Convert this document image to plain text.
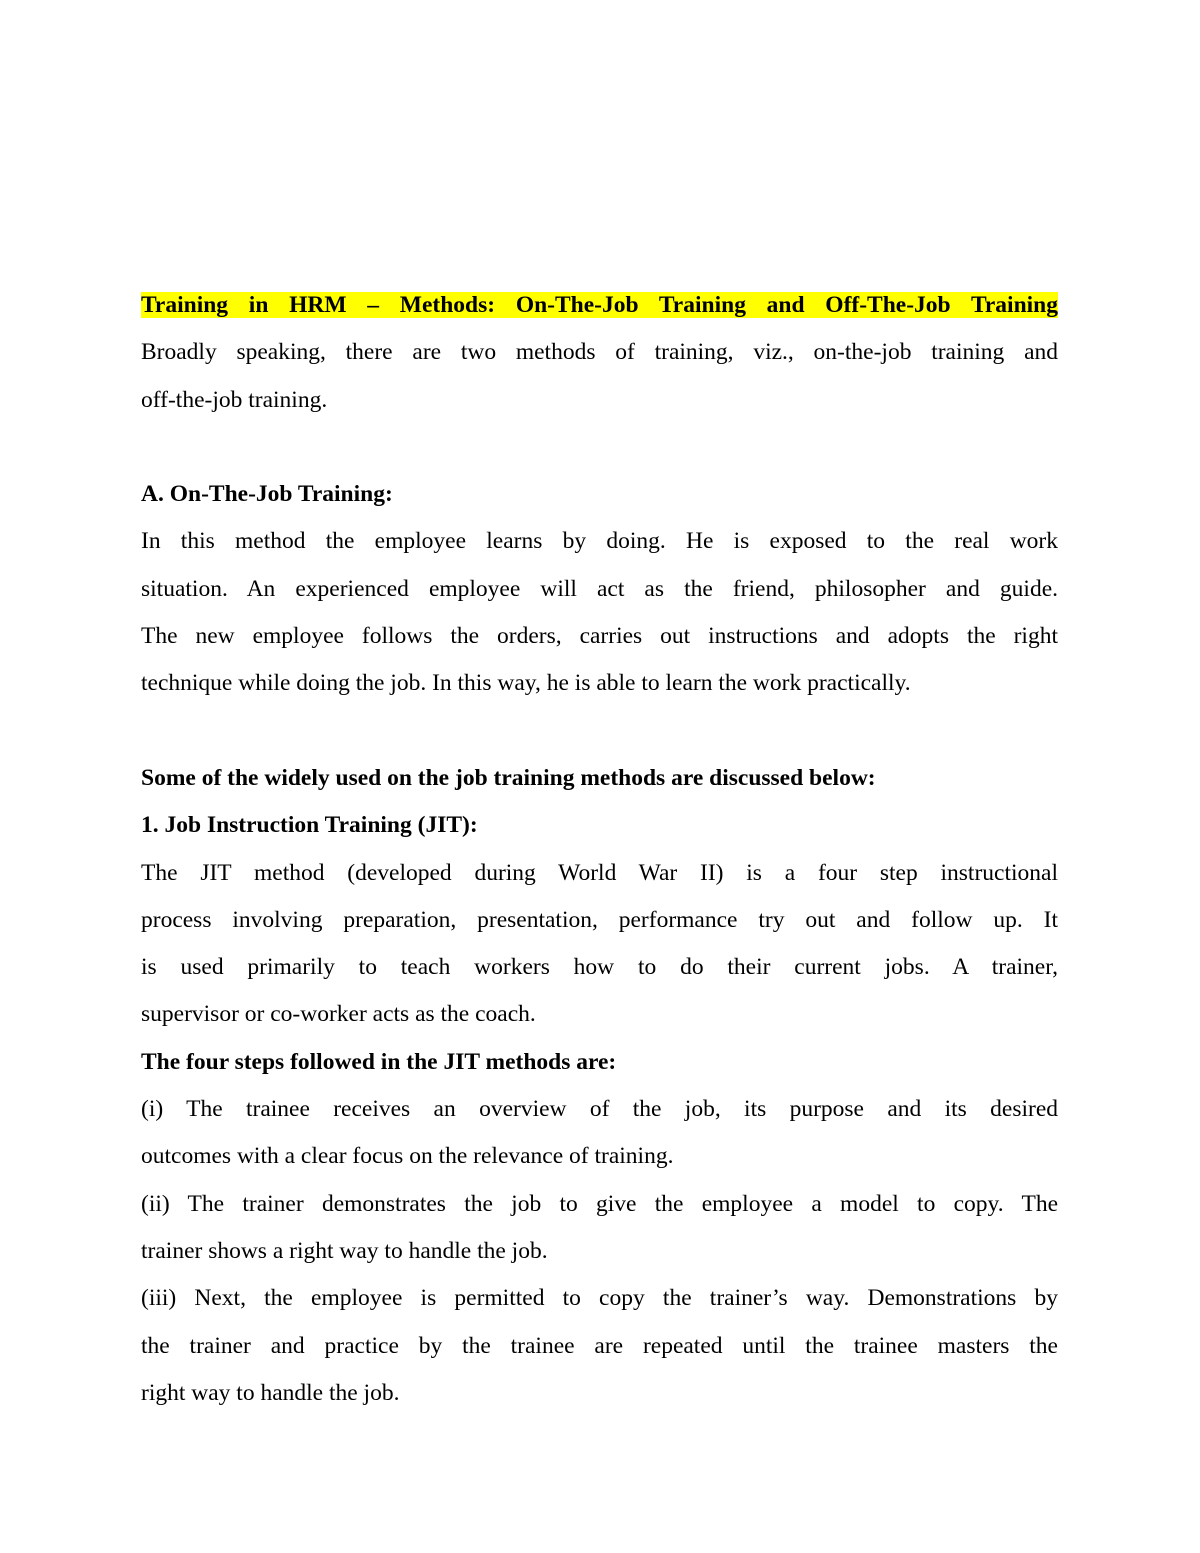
Training in HRM – Methods: On-The-Job Training and Off-The-Job Training
Broadly speaking, there are two methods of training, viz., on-the-job training and
off-the-job training.
A. On-The-Job Training:
In this method the employee learns by doing. He is exposed to the real work
situation. An experienced employee will act as the friend, philosopher and guide.
The new employee follows the orders, carries out instructions and adopts the right
technique while doing the job. In this way, he is able to learn the work practically.
Some of the widely used on the job training methods are discussed below:
1. Job Instruction Training (JIT):
The JIT method (developed during World War II) is a four step instructional
process involving preparation, presentation, performance try out and follow up. It
is used primarily to teach workers how to do their current jobs. A trainer,
supervisor or co-worker acts as the coach.
The four steps followed in the JIT methods are:
(i) The trainee receives an overview of the job, its purpose and its desired
outcomes with a clear focus on the relevance of training.
(ii) The trainer demonstrates the job to give the employee a model to copy. The
trainer shows a right way to handle the job.
(iii) Next, the employee is permitted to copy the trainer’s way. Demonstrations by
the trainer and practice by the trainee are repeated until the trainee masters the
right way to handle the job.
